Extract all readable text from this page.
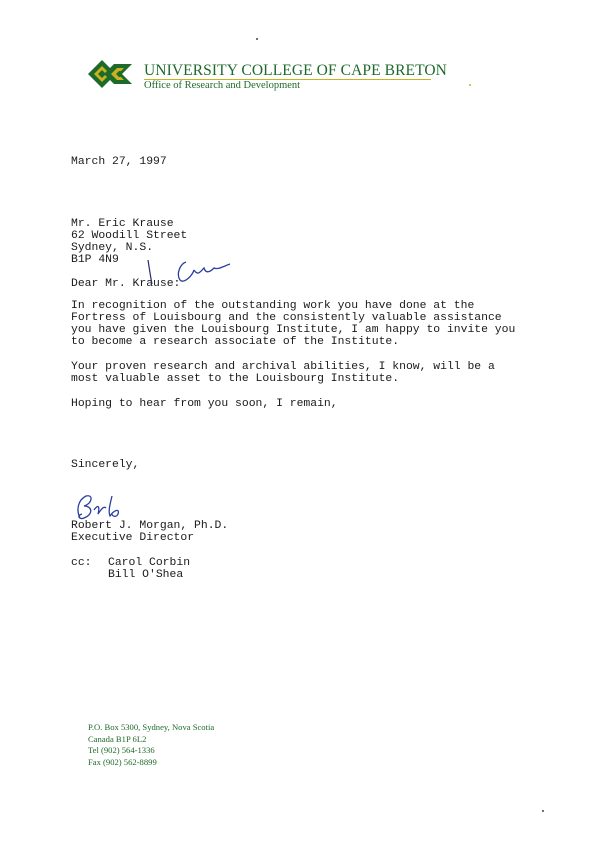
UNIVERSITY COLLEGE OF CAPE BRETON
Office of Research and Development
March 27, 1997
Mr. Eric Krause
62 Woodill Street
Sydney, N.S.
B1P 4N9
Dear Mr. Krause:
In recognition of the outstanding work you have done at the
Fortress of Louisbourg and the consistently valuable assistance
you have given the Louisbourg Institute, I am happy to invite you
to become a research associate of the Institute.
Your proven research and archival abilities, I know, will be a
most valuable asset to the Louisbourg Institute.
Hoping to hear from you soon, I remain,
Sincerely,
Robert J. Morgan, Ph.D.
Executive Director
cc: Carol Corbin
Bill O'Shea
P.O. Box 5300, Sydney, Nova Scotia
Canada B1P 6L2
Tel (902) 564-1336
Fax (902) 562-8899
